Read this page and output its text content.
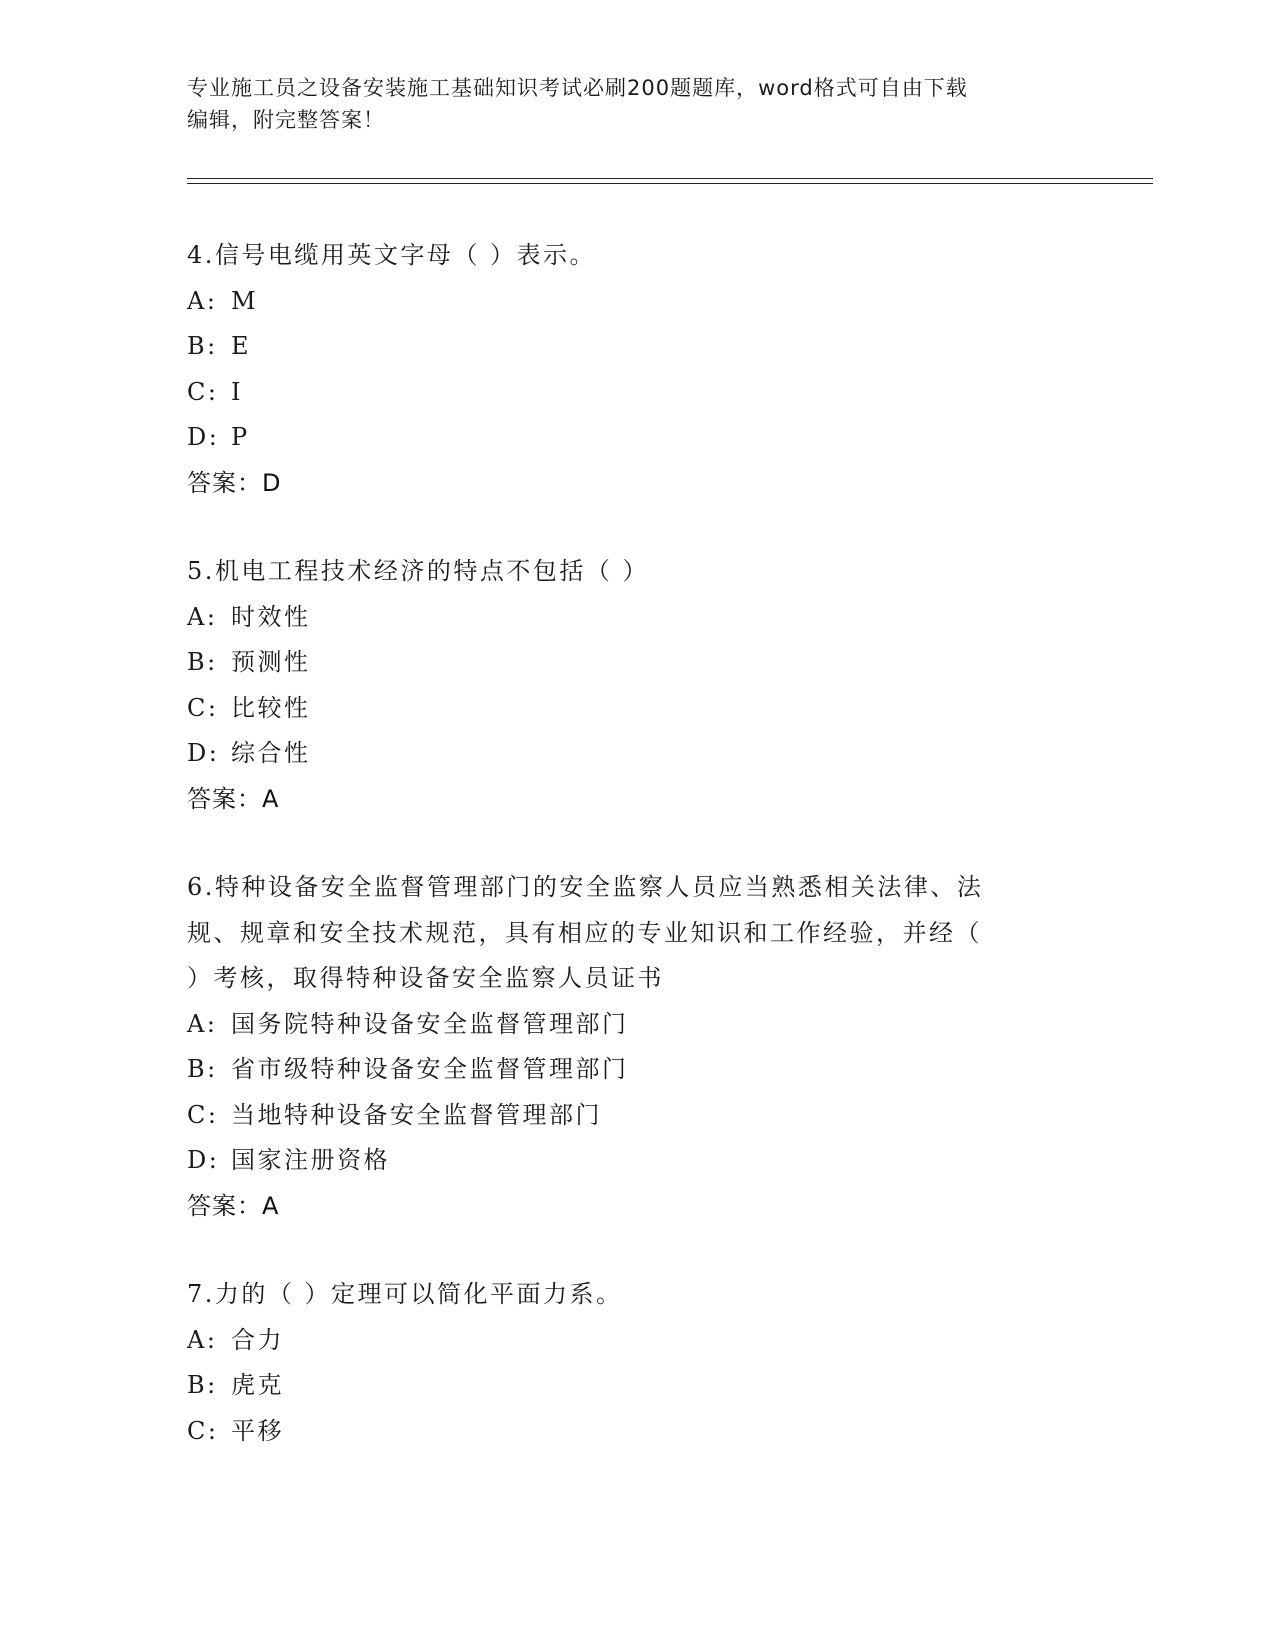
专业施工员之设备安装施工基础知识考试必刷200题题库，word格式可自由下载
编辑，附完整答案！
4.信号电缆用英文字母（ ）表示。
A: M
B: E
C: I
D: P
答案：D
5.机电工程技术经济的特点不包括（ ）
A: 时效性
B: 预测性
C: 比较性
D: 综合性
答案：A
6.特种设备安全监督管理部门的安全监察人员应当熟悉相关法律、法
规、规章和安全技术规范，具有相应的专业知识和工作经验，并经（
）考核，取得特种设备安全监察人员证书
A: 国务院特种设备安全监督管理部门
B: 省市级特种设备安全监督管理部门
C: 当地特种设备安全监督管理部门
D: 国家注册资格
答案：A
7.力的（ ）定理可以简化平面力系。
A: 合力
B: 虎克
C: 平移
